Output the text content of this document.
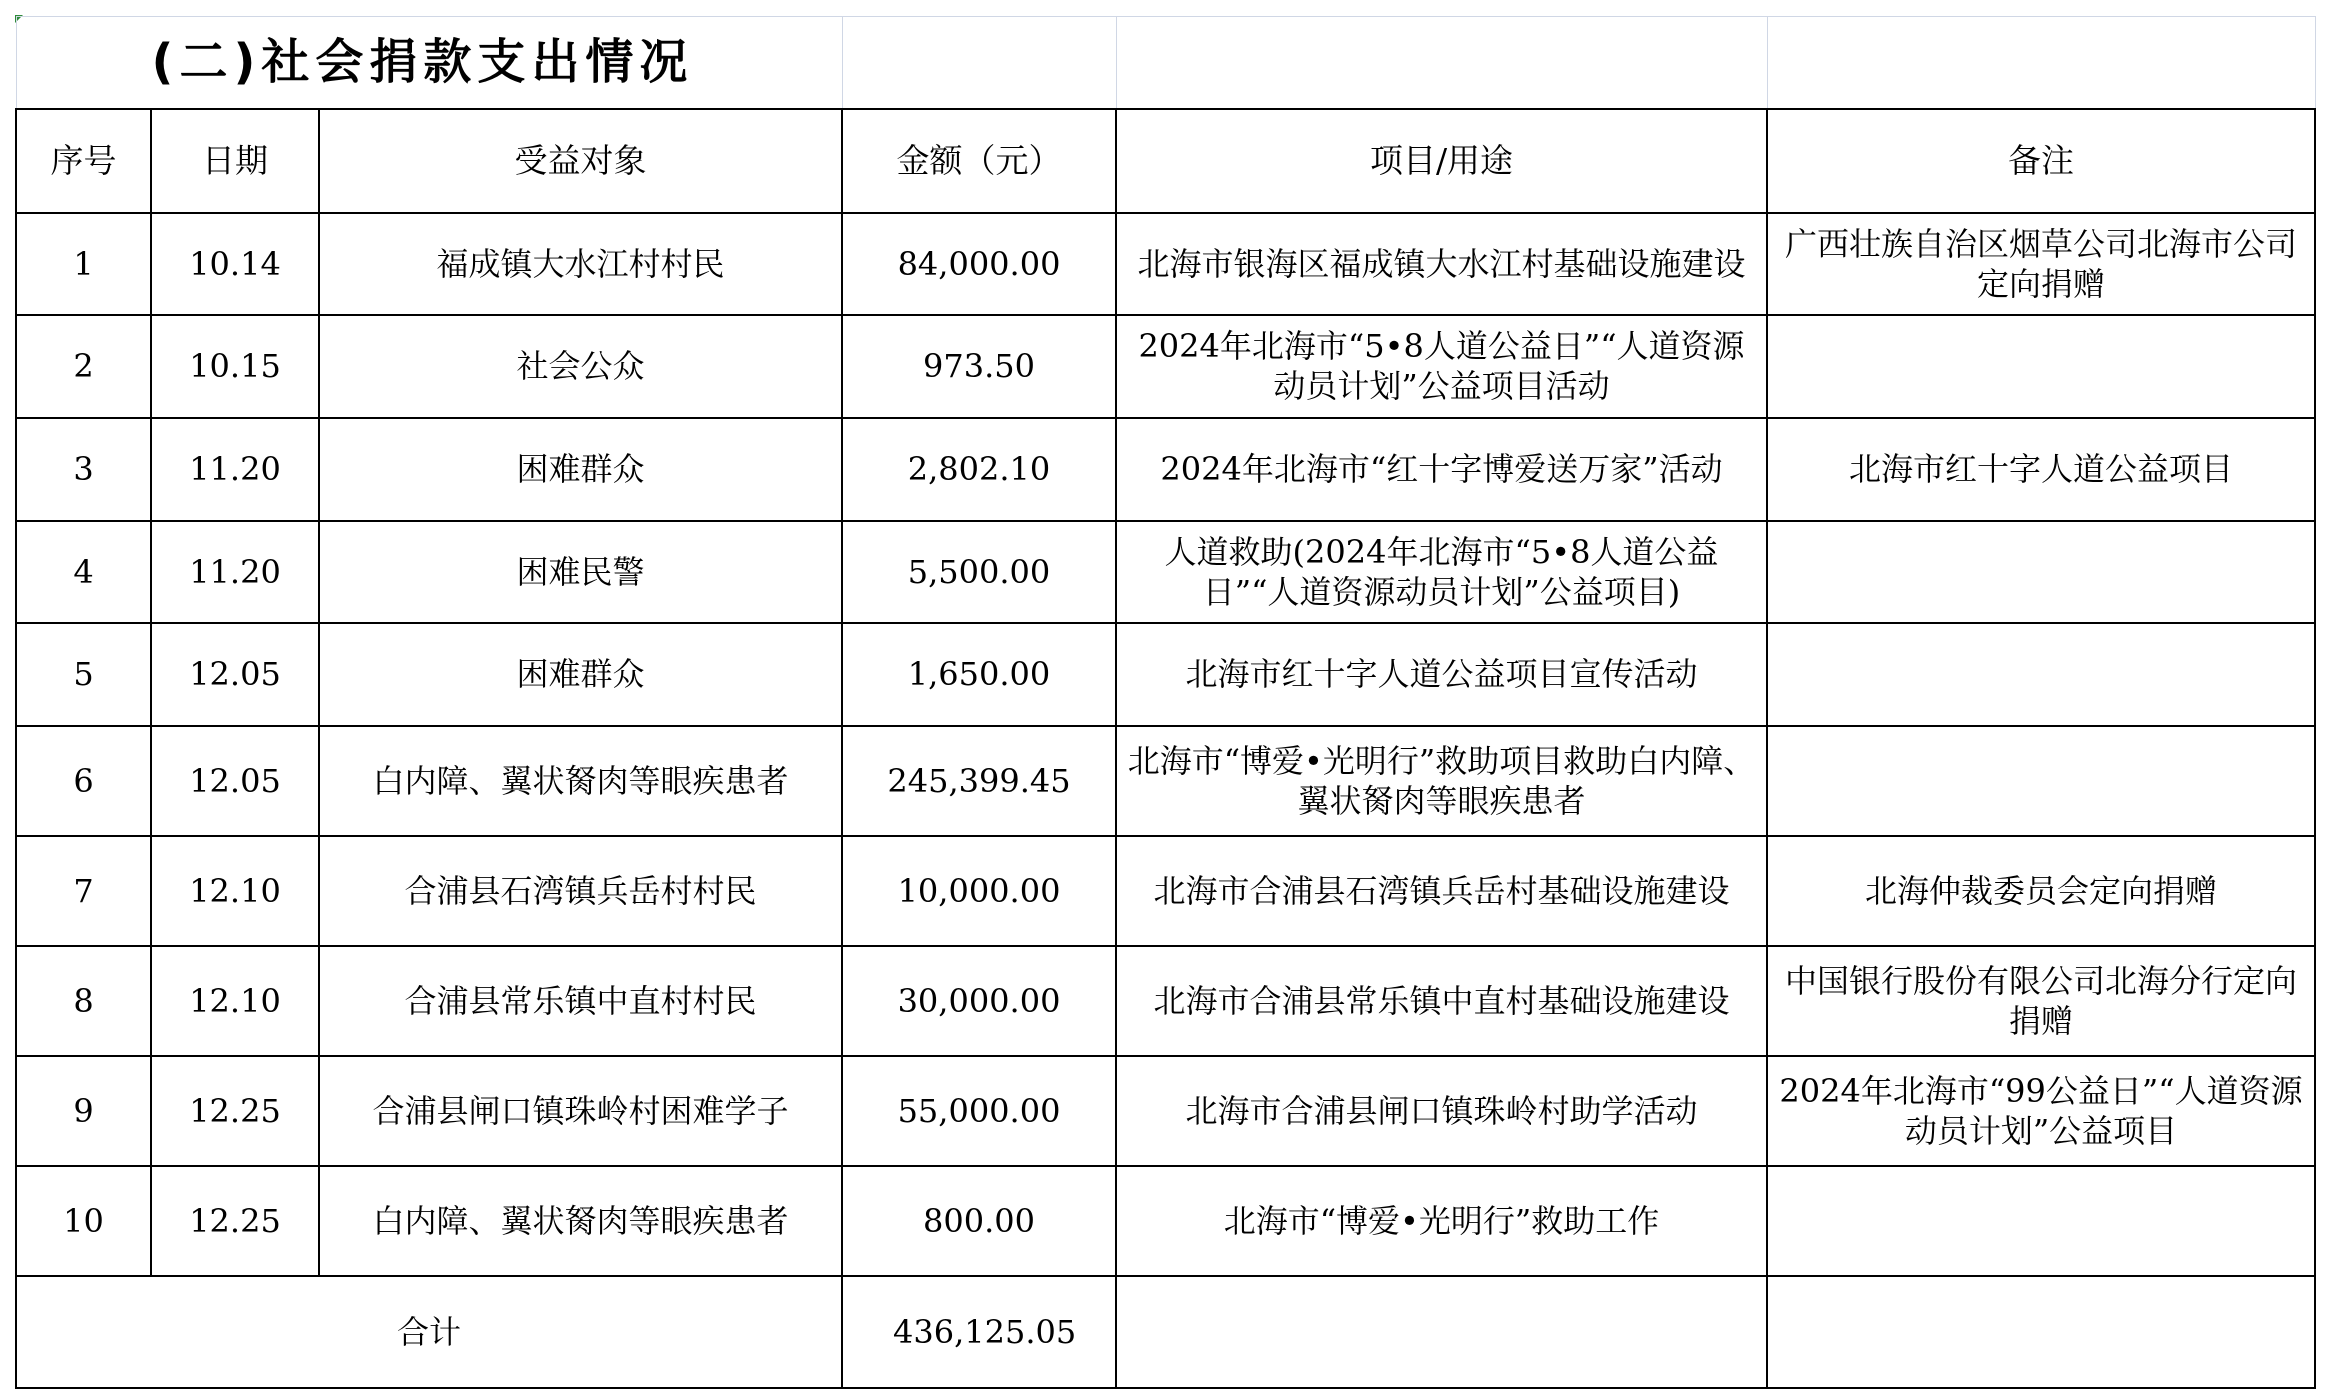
(二)社会捐款支出情况					
序号	日期	受益对象	金额（元）	项目/用途	备注
1	10.14	福成镇大水江村村民	84,000.00	北海市银海区福成镇大水江村基础设施建设	广西壮族自治区烟草公司北海市公司定向捐赠
2	10.15	社会公众	973.50	2024年北海市“5•8人道公益日”“人道资源动员计划”公益项目活动	
3	11.20	困难群众	2,802.10	2024年北海市“红十字博爱送万家”活动	北海市红十字人道公益项目
4	11.20	困难民警	5,500.00	人道救助(2024年北海市“5•8人道公益日”“人道资源动员计划”公益项目)	
5	12.05	困难群众	1,650.00	北海市红十字人道公益项目宣传活动	
6	12.05	白内障、翼状胬肉等眼疾患者	245,399.45	北海市“博爱•光明行”救助项目救助白内障、翼状胬肉等眼疾患者	
7	12.10	合浦县石湾镇兵岳村村民	10,000.00	北海市合浦县石湾镇兵岳村基础设施建设	北海仲裁委员会定向捐赠
8	12.10	合浦县常乐镇中直村村民	30,000.00	北海市合浦县常乐镇中直村基础设施建设	中国银行股份有限公司北海分行定向捐赠
9	12.25	合浦县闸口镇珠岭村困难学子	55,000.00	北海市合浦县闸口镇珠岭村助学活动	2024年北海市“99公益日”“人道资源动员计划”公益项目
10	12.25	白内障、翼状胬肉等眼疾患者	800.00	北海市“博爱•光明行”救助工作	
合计			436,125.05		
